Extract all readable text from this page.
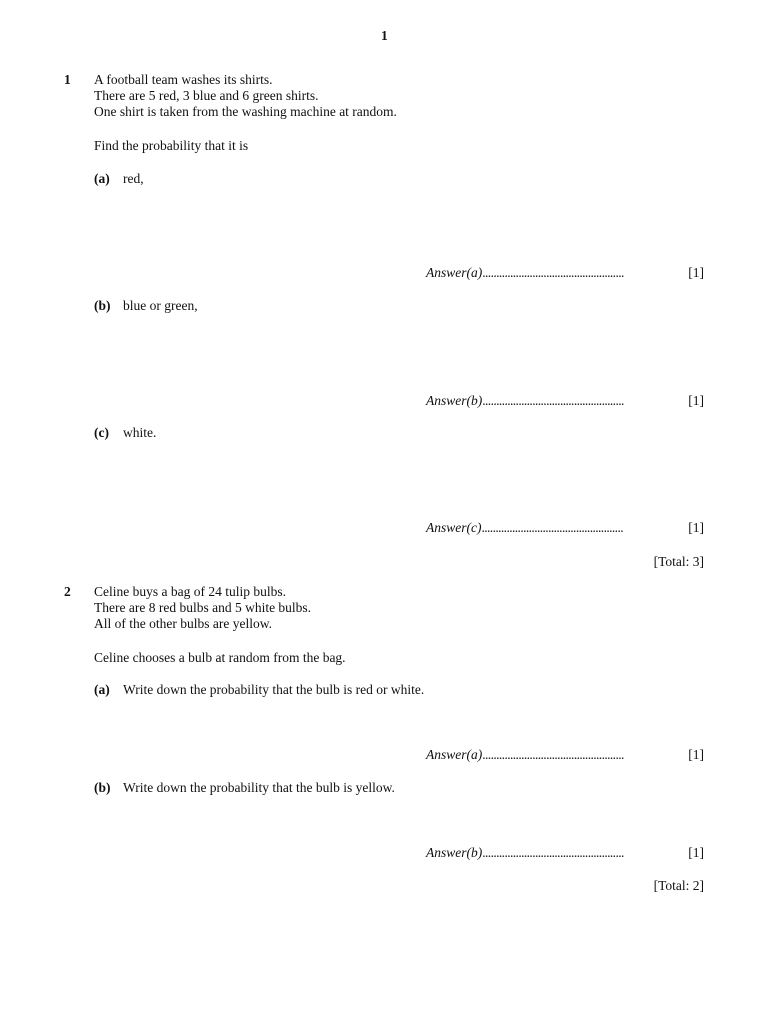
1
1 A football team washes its shirts.
There are 5 red, 3 blue and 6 green shirts.
One shirt is taken from the washing machine at random.
Find the probability that it is
(a) red,
Answer(a)...................................................	[1]
(b) blue or green,
Answer(b)...................................................	[1]
(c) white.
Answer(c)...................................................	[1]
[Total: 3]
2 Celine buys a bag of 24 tulip bulbs.
There are 8 red bulbs and 5 white bulbs.
All of the other bulbs are yellow.
Celine chooses a bulb at random from the bag.
(a) Write down the probability that the bulb is red or white.
Answer(a)...................................................	[1]
(b) Write down the probability that the bulb is yellow.
Answer(b)...................................................	[1]
[Total: 2]
